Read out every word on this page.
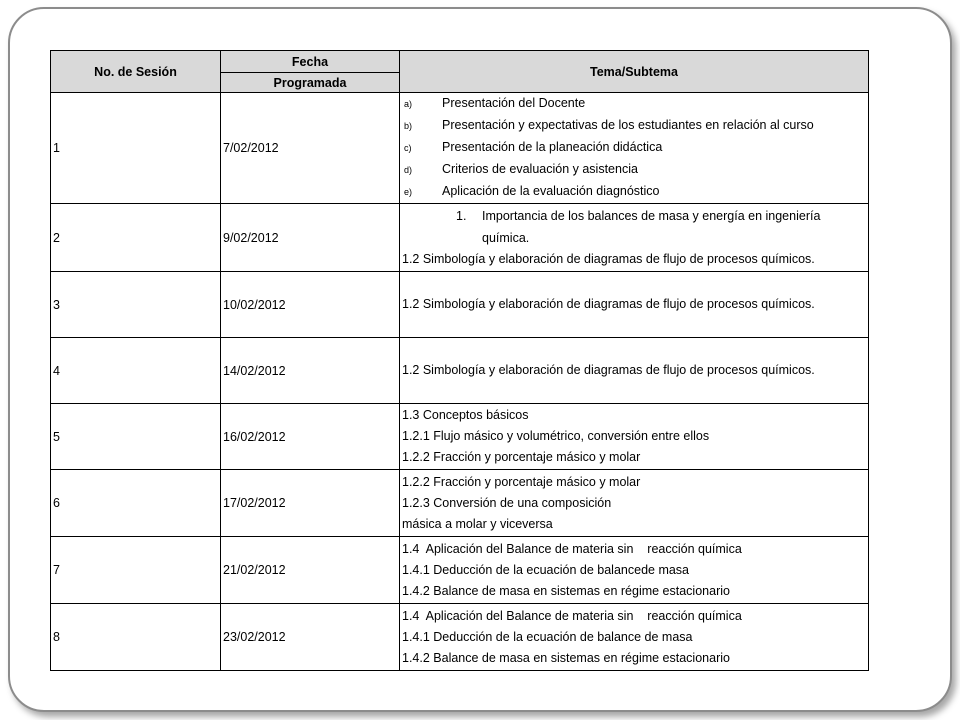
No. de Sesión	Fecha	Tema/Subtema
	Programada	
1	7/02/2012	a) Presentación del Docente
b) Presentación y expectativas de los estudiantes en relación al curso
c) Presentación de la planeación didáctica
d) Criterios de evaluación y asistencia
e) Aplicación de la evaluación diagnóstico

2	9/02/2012	1. Importancia de los balances de masa y energía en ingeniería química.
1.2 Simbología y elaboración de diagramas de flujo de procesos químicos.

3	10/02/2012	1.2 Simbología y elaboración de diagramas de flujo de procesos químicos.

4	14/02/2012	1.2 Simbología y elaboración de diagramas de flujo de procesos químicos.

5	16/02/2012	1.3 Conceptos básicos
1.2.1 Flujo másico y volumétrico, conversión entre ellos
1.2.2 Fracción y porcentaje másico y molar

6	17/02/2012	1.2.2 Fracción y porcentaje másico y molar
1.2.3 Conversión de una composición
másica a molar y viceversa

7	21/02/2012	1.4  Aplicación del Balance de materia sin    reacción química
1.4.1 Deducción de la ecuación de balancede masa
1.4.2 Balance de masa en sistemas en régime estacionario

8	23/02/2012	1.4  Aplicación del Balance de materia sin    reacción química
1.4.1 Deducción de la ecuación de balance de masa
1.4.2 Balance de masa en sistemas en régime estacionario
